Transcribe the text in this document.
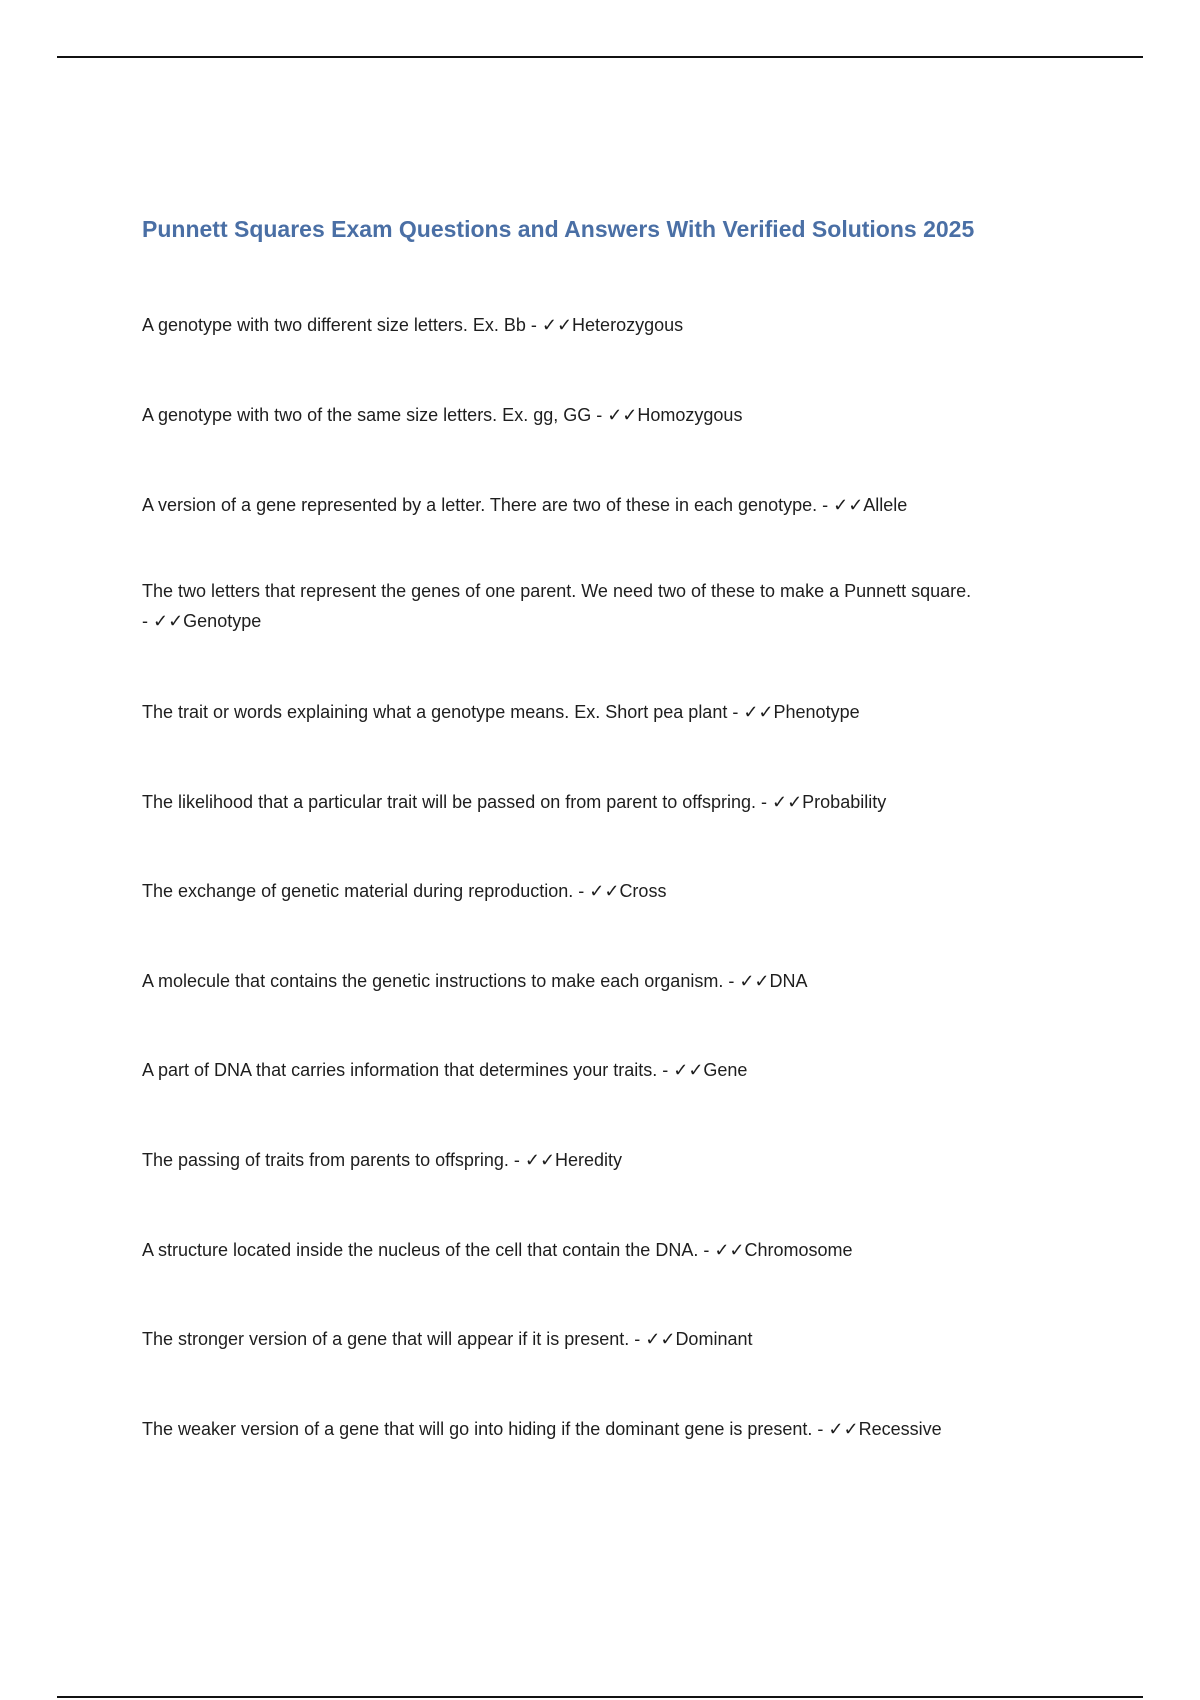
Punnett Squares Exam Questions and Answers With Verified Solutions 2025
A genotype with two different size letters. Ex. Bb - ✓✓Heterozygous
A genotype with two of the same size letters. Ex. gg, GG - ✓✓Homozygous
A version of a gene represented by a letter. There are two of these in each genotype. - ✓✓Allele
The two letters that represent the genes of one parent. We need two of these to make a Punnett square. - ✓✓Genotype
The trait or words explaining what a genotype means. Ex. Short pea plant - ✓✓Phenotype
The likelihood that a particular trait will be passed on from parent to offspring. - ✓✓Probability
The exchange of genetic material during reproduction. - ✓✓Cross
A molecule that contains the genetic instructions to make each organism. - ✓✓DNA
A part of DNA that carries information that determines your traits. - ✓✓Gene
The passing of traits from parents to offspring. - ✓✓Heredity
A structure located inside the nucleus of the cell that contain the DNA. - ✓✓Chromosome
The stronger version of a gene that will appear if it is present. - ✓✓Dominant
The weaker version of a gene that will go into hiding if the dominant gene is present. - ✓✓Recessive
